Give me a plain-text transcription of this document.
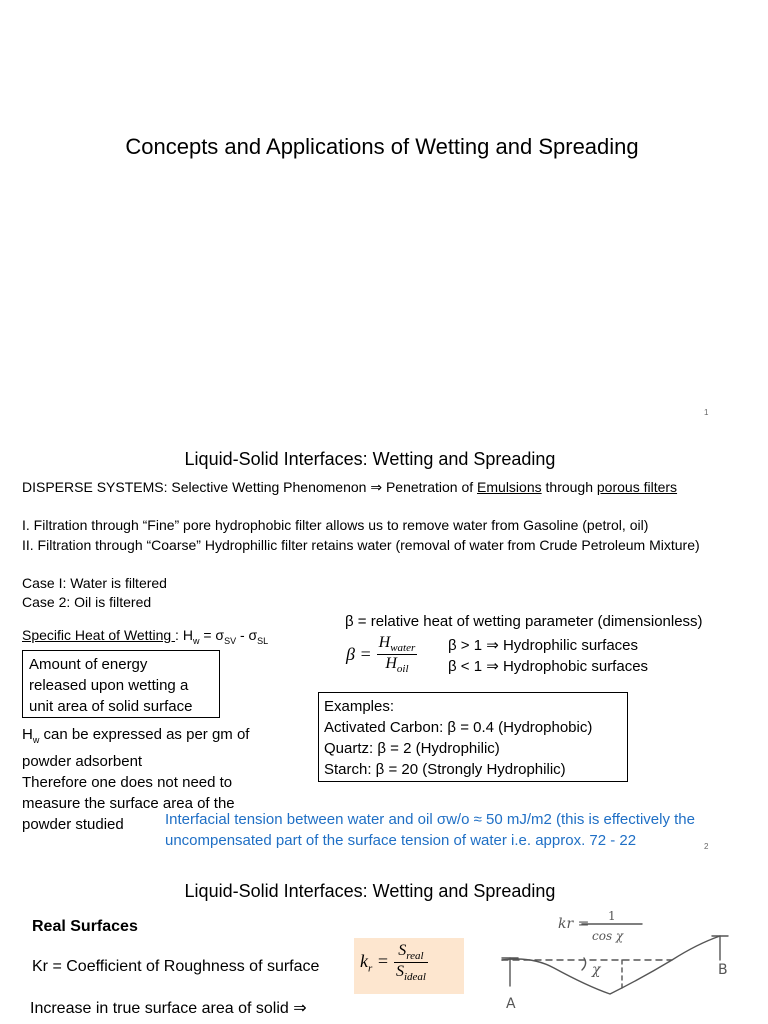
Concepts and Applications of Wetting and Spreading
1
Liquid-Solid Interfaces: Wetting and Spreading
DISPERSE SYSTEMS: Selective Wetting Phenomenon ⇒ Penetration of Emulsions through porous filters
I. Filtration through “Fine” pore hydrophobic filter allows us to remove water from Gasoline (petrol, oil)
II. Filtration through “Coarse” Hydrophillic filter retains water (removal of water from Crude Petroleum Mixture)
Case I: Water is filtered
Case 2: Oil is filtered
Specific Heat of Wetting : $H_w = \sigma_{SV} - \sigma_{SL}$
Amount of energy
released upon wetting a
unit area of solid surface
$H_w$ can be expressed as per gm of
powder adsorbent
Therefore one does not need to
measure the surface area of the
powder studied
β = relative heat of wetting parameter (dimensionless)
$\beta = \frac{H_{water}}{H_{oil}}$ β > 1 ⇒ Hydrophilic surfaces
β < 1 ⇒ Hydrophobic surfaces
Examples:
Activated Carbon: β = 0.4 (Hydrophobic)
Quartz: β = 2 (Hydrophilic)
Starch: β = 20 (Strongly Hydrophilic)
Interfacial tension between water and oil σw/o ≈ 50 mJ/m2 (this is effectively the
uncompensated part of the surface tension of water i.e. approx. 72 - 22	2
Liquid-Solid Interfaces: Wetting and Spreading
Real Surfaces
Kr = Coefficient of Roughness of surface $k_r = \frac{S_{real}}{S_{ideal}}$
Increase in true surface area of solid ⇒
kr = 1
cos χ
χ
A
B
